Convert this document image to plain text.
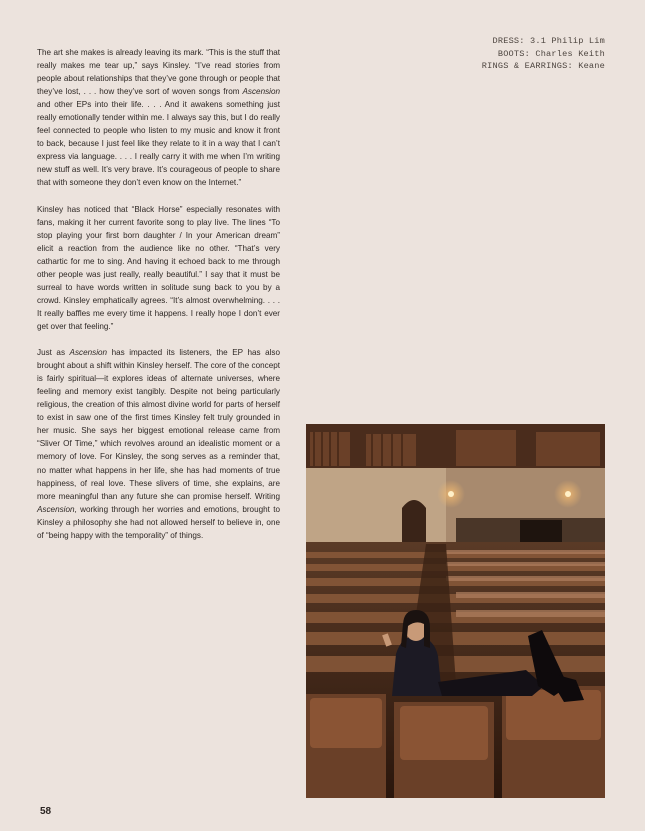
DRESS: 3.1 Philip Lim
BOOTS: Charles Keith
RINGS & EARRINGS: Keane

The art she makes is already leaving its mark. “This is the stuff that really makes me tear up,” says Kinsley. “I’ve read stories from people about relationships that they’ve gone through or people that they’ve lost, . . . how they’ve sort of woven songs from Ascension and other EPs into their life. . . . And it awakens something just really emotionally tender within me. I always say this, but I do really feel connected to people who listen to my music and know it front to back, because I just feel like they relate to it in a way that I can’t express via language. . . . I really carry it with me when I’m writing new stuff as well. It’s very brave. It’s courageous of people to share that with someone they don’t even know on the Internet.”

Kinsley has noticed that “Black Horse” especially resonates with fans, making it her current favorite song to play live. The lines “To stop playing your first born daughter / In your American dream” elicit a reaction from the audience like no other. “That’s very cathartic for me to sing. And having it echoed back to me through other people was just really, really beautiful.” I say that it must be surreal to have words written in solitude sung back to you by a crowd. Kinsley emphatically agrees. “It’s almost overwhelming. . . . It really baffles me every time it happens. I really hope I don’t ever get over that feeling.”

Just as Ascension has impacted its listeners, the EP has also brought about a shift within Kinsley herself. The core of the concept is fairly spiritual—it explores ideas of alternate universes, where feeling and memory exist tangibly. Despite not being particularly religious, the creation of this almost divine world for parts of herself to exist in saw one of the first times Kinsley felt truly grounded in her music. She says her biggest emotional release came from “Sliver Of Time,” which revolves around an idealistic moment or a memory of love. For Kinsley, the song serves as a reminder that, no matter what happens in her life, she has had moments of true happiness, of real love. These slivers of time, she explains, are more meaningful than any future she can promise herself. Writing Ascension, working through her worries and emotions, brought to Kinsley a philosophy she had not allowed herself to believe in, one of “being happy with the temporality” of things.

58
